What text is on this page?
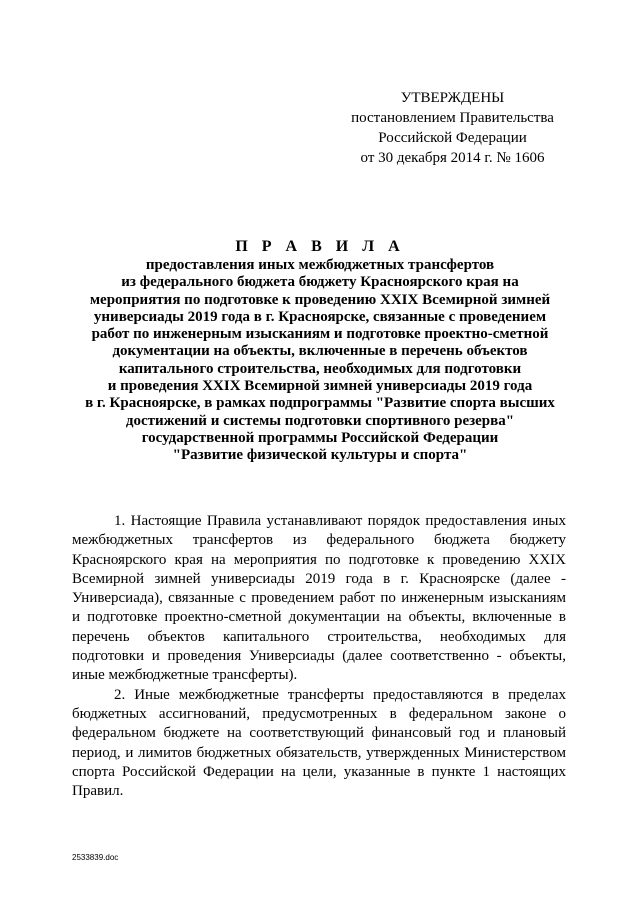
УТВЕРЖДЕНЫ
постановлением Правительства
Российской Федерации
от 30 декабря 2014 г. № 1606
П Р А В И Л А
предоставления иных межбюджетных трансфертов
из федерального бюджета бюджету Красноярского края на
мероприятия по подготовке к проведению XXIX Всемирной зимней
универсиады 2019 года в г. Красноярске, связанные с проведением
работ по инженерным изысканиям и подготовке проектно-сметной
документации на объекты, включенные в перечень объектов
капитального строительства, необходимых для подготовки
и проведения XXIX Всемирной зимней универсиады 2019 года
в г. Красноярске, в рамках подпрограммы "Развитие спорта высших
достижений и системы подготовки спортивного резерва"
государственной программы Российской Федерации
"Развитие физической культуры и спорта"

1. Настоящие Правила устанавливают порядок предоставления иных межбюджетных трансфертов из федерального бюджета бюджету Красноярского края на мероприятия по подготовке к проведению XXIX Всемирной зимней универсиады 2019 года в г. Красноярске (далее - Универсиада), связанные с проведением работ по инженерным изысканиям и подготовке проектно-сметной документации на объекты, включенные в перечень объектов капитального строительства, необходимых для подготовки и проведения Универсиады (далее соответственно - объекты, иные межбюджетные трансферты).

2. Иные межбюджетные трансферты предоставляются в пределах бюджетных ассигнований, предусмотренных в федеральном законе о федеральном бюджете на соответствующий финансовый год и плановый период, и лимитов бюджетных обязательств, утвержденных Министерством спорта Российской Федерации на цели, указанные в пункте 1 настоящих Правил.

2533839.doc
